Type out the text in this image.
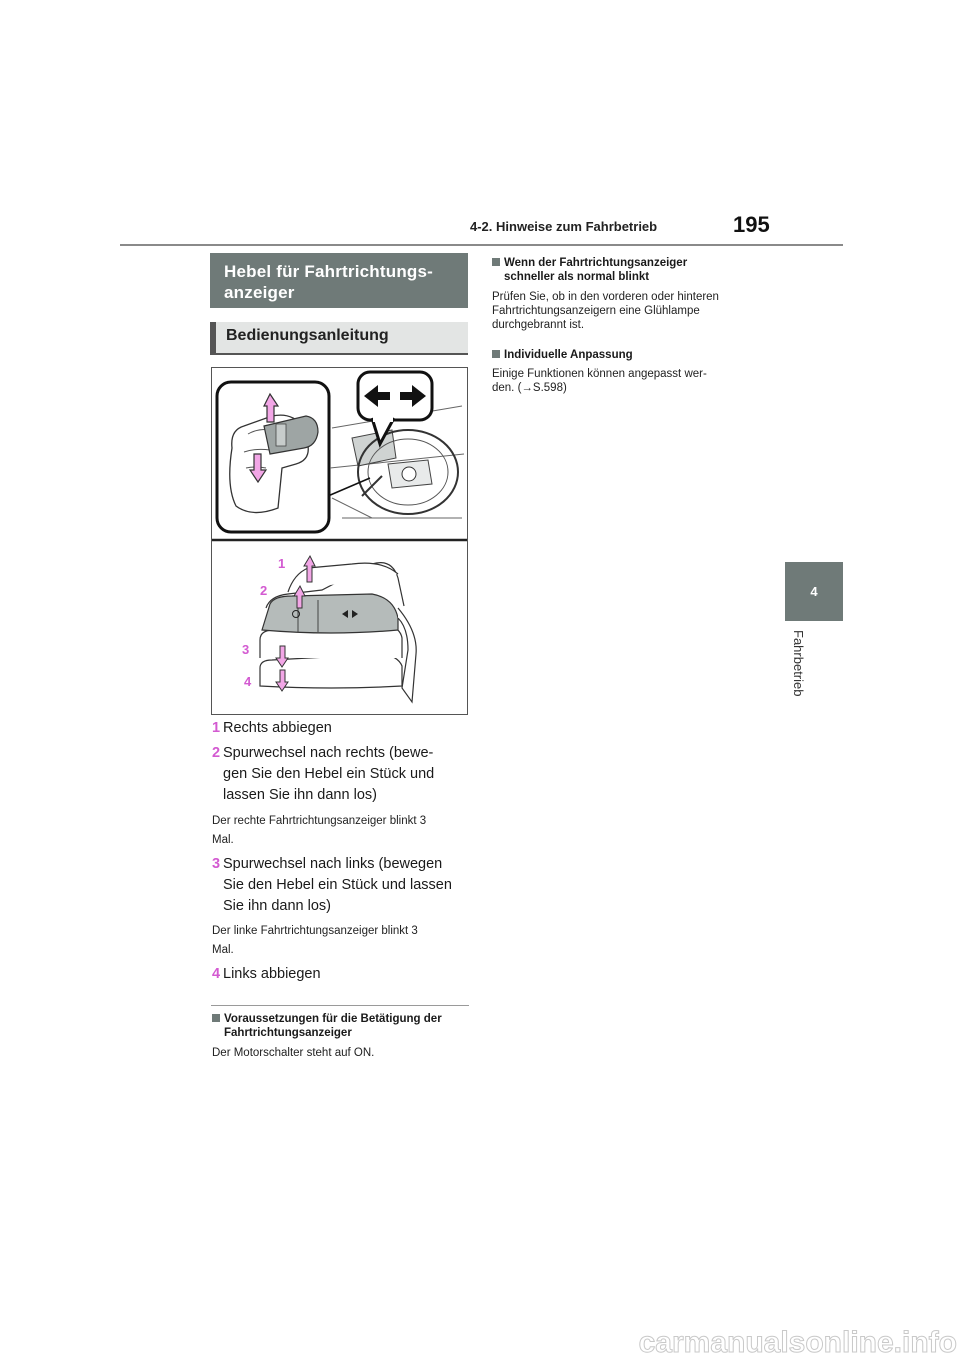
4-2. Hinweise zum Fahrbetrieb	195
4
Fahrbetrieb
Hebel für Fahrtrichtungs-
anzeiger
Bedienungsanleitung
1
2
3
4
1 Rechts abbiegen
2 Spurwechsel nach rechts (bewe-
gen Sie den Hebel ein Stück und
lassen Sie ihn dann los)
Der rechte Fahrtrichtungsanzeiger blinkt 3
Mal.
3 Spurwechsel nach links (bewegen
Sie den Hebel ein Stück und lassen
Sie ihn dann los)
Der linke Fahrtrichtungsanzeiger blinkt 3
Mal.
4 Links abbiegen
Voraussetzungen für die Betätigung der
Fahrtrichtungsanzeiger
Der Motorschalter steht auf ON.
Wenn der Fahrtrichtungsanzeiger
schneller als normal blinkt
Prüfen Sie, ob in den vorderen oder hinteren
Fahrtrichtungsanzeigern eine Glühlampe
durchgebrannt ist.
Individuelle Anpassung
Einige Funktionen können angepasst wer-
den. (→S.598)
carmanualsonline.info
